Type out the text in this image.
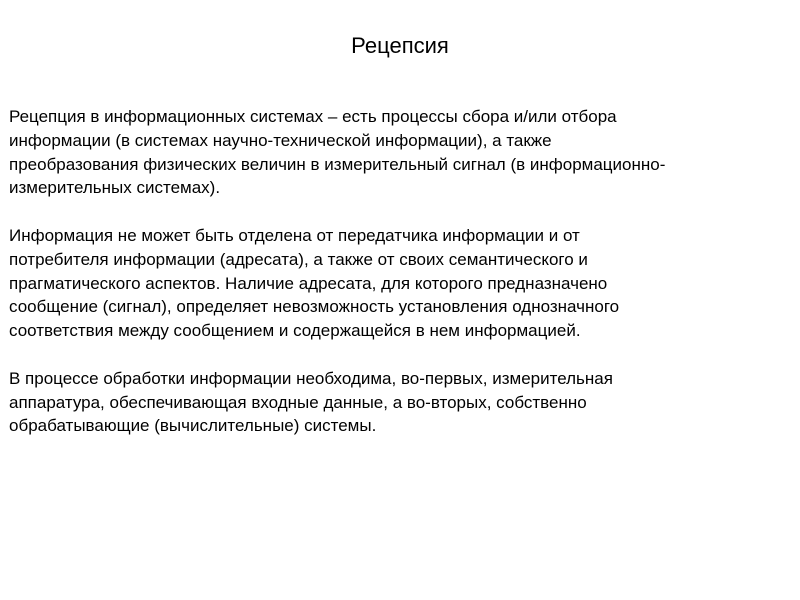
Рецепсия

Рецепция в информационных системах – есть процессы сбора и/или отбора
информации (в системах научно-технической информации), а также
преобразования физических величин в измерительный сигнал (в информационно-
измерительных системах).

Информация не может быть отделена от передатчика информации и от
потребителя информации (адресата), а также от своих семантического и
прагматического аспектов. Наличие адресата, для которого предназначено
сообщение (сигнал), определяет невозможность установления однозначного
соответствия между сообщением и содержащейся в нем информацией.

В процессе обработки информации необходима, во-первых, измерительная
аппаратура, обеспечивающая входные данные, а во-вторых, собственно
обрабатывающие (вычислительные) системы.
